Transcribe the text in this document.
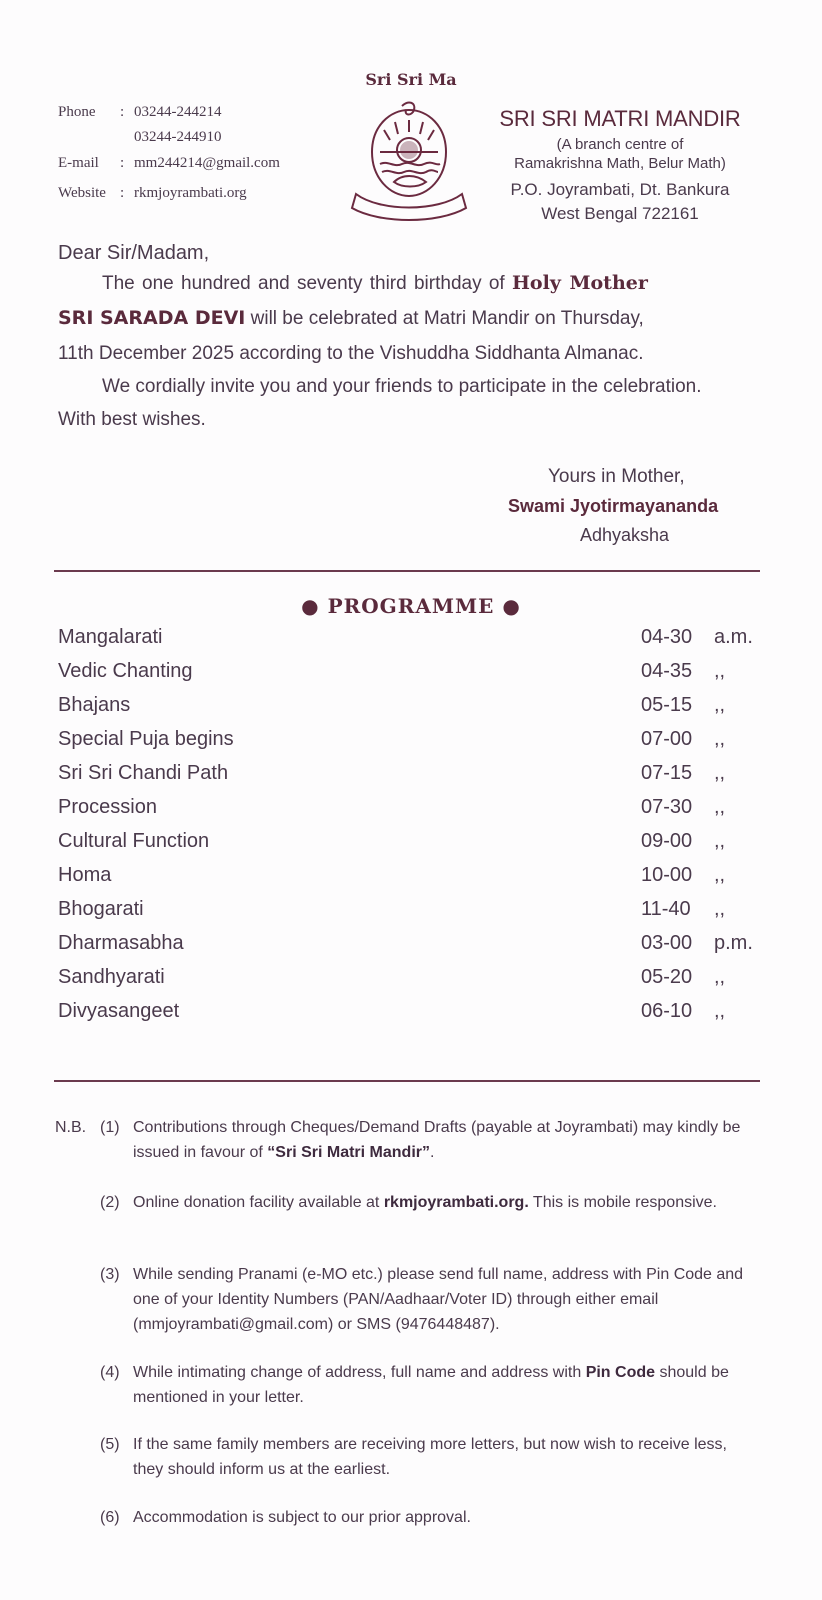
Sri Sri Ma
Phone : 03244-244214
03244-244910
E-mail : mm244214@gmail.com
Website : rkmjoyrambati.org
SRI SRI MATRI MANDIR
(A branch centre of
Ramakrishna Math, Belur Math)
P.O. Joyrambati, Dt. Bankura
West Bengal 722161
Dear Sir/Madam,
The one hundred and seventy third birthday of Holy Mother
SRI SARADA DEVI will be celebrated at Matri Mandir on Thursday,
11th December 2025 according to the Vishuddha Siddhanta Almanac.
We cordially invite you and your friends to participate in the celebration.
With best wishes.
Yours in Mother,
Swami Jyotirmayananda
Adhyaksha
● PROGRAMME ●
Mangalarati	04-30 a.m.
Vedic Chanting	04-35 ,,
Bhajans	05-15 ,,
Special Puja begins	07-00 ,,
Sri Sri Chandi Path	07-15 ,,
Procession	07-30 ,,
Cultural Function	09-00 ,,
Homa	10-00 ,,
Bhogarati	11-40 ,,
Dharmasabha	03-00 p.m.
Sandhyarati	05-20 ,,
Divyasangeet	06-10 ,,
N.B. (1) Contributions through Cheques/Demand Drafts (payable at Joyrambati) may kindly be issued in favour of “Sri Sri Matri Mandir”.
(2) Online donation facility available at rkmjoyrambati.org. This is mobile responsive.
(3) While sending Pranami (e-MO etc.) please send full name, address with Pin Code and one of your Identity Numbers (PAN/Aadhaar/Voter ID) through either email (mmjoyrambati@gmail.com) or SMS (9476448487).
(4) While intimating change of address, full name and address with Pin Code should be mentioned in your letter.
(5) If the same family members are receiving more letters, but now wish to receive less, they should inform us at the earliest.
(6) Accommodation is subject to our prior approval.
